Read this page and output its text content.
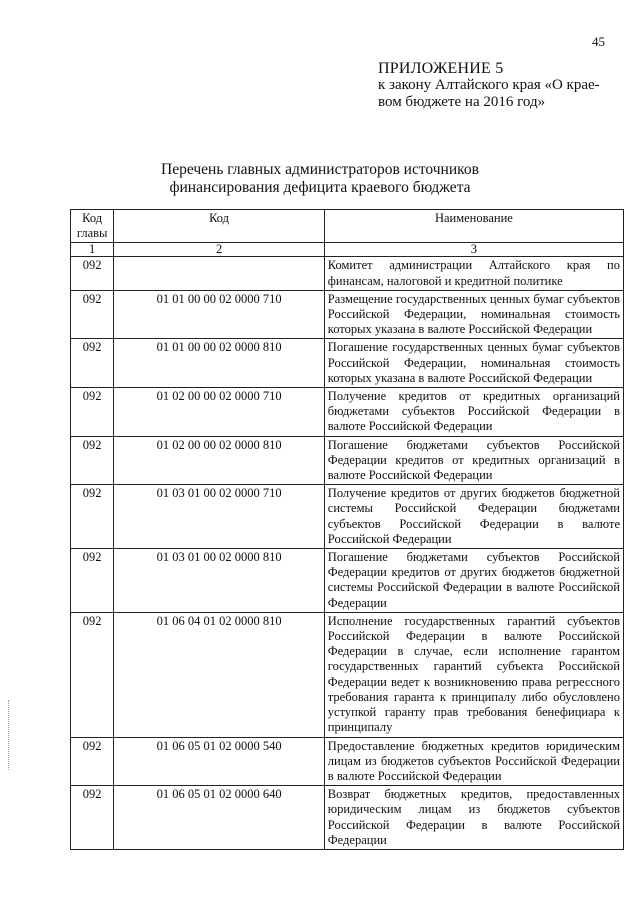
45
ПРИЛОЖЕНИЕ 5
к закону Алтайского края «О крае-
вом бюджете на 2016 год»
Перечень главных администраторов источников
финансирования дефицита краевого бюджета
Код главы	Код	Наименование
1	2	3
092		Комитет администрации Алтайского края по финансам, налоговой и кредитной политике
092	01 01 00 00 02 0000 710	Размещение государственных ценных бумаг субъектов Российской Федерации, номинальная стоимость которых указана в валюте Российской Федерации
092	01 01 00 00 02 0000 810	Погашение государственных ценных бумаг субъектов Российской Федерации, номинальная стоимость которых указана в валюте Российской Федерации
092	01 02 00 00 02 0000 710	Получение кредитов от кредитных организаций бюджетами субъектов Российской Федерации в валюте Российской Федерации
092	01 02 00 00 02 0000 810	Погашение бюджетами субъектов Российской Федерации кредитов от кредитных организаций в валюте Российской Федерации
092	01 03 01 00 02 0000 710	Получение кредитов от других бюджетов бюджетной системы Российской Федерации бюджетами субъектов Российской Федерации в валюте Российской Федерации
092	01 03 01 00 02 0000 810	Погашение бюджетами субъектов Российской Федерации кредитов от других бюджетов бюджетной системы Российской Федерации в валюте Российской Федерации
092	01 06 04 01 02 0000 810	Исполнение государственных гарантий субъектов Российской Федерации в валюте Российской Федерации в случае, если исполнение гарантом государственных гарантий субъекта Российской Федерации ведет к возникновению права регрессного требования гаранта к принципалу либо обусловлено уступкой гаранту прав требования бенефициара к принципалу
092	01 06 05 01 02 0000 540	Предоставление бюджетных кредитов юридическим лицам из бюджетов субъектов Российской Федерации в валюте Российской Федерации
092	01 06 05 01 02 0000 640	Возврат бюджетных кредитов, предоставленных юридическим лицам из бюджетов субъектов Российской Федерации в валюте Российской Федерации
